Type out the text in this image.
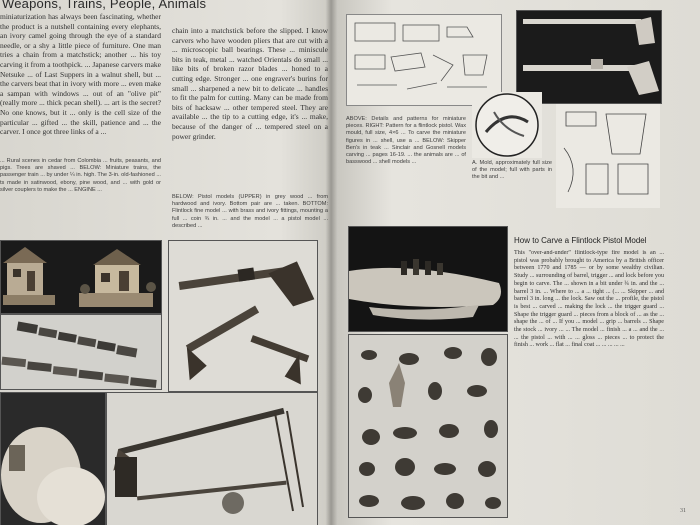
Weapons, Trains, People, Animals
miniaturization has always been fascinating, whether the product is a nutshell containing every elephants, an ivory camel going through the eye of a standard needle, or a shy a little piece of furniture. One man tries a chain from a matchstick; another ... his toy carving it from a toothpick. ... Japanese carvers make Netsuke ... of Last Suppers in a walnut shell, but ... the carvers beat that in ivory with more ... even make a sampan with windows ... out of an "olive pit" (really more ... thick pecan shell). ... art is the secret? No one knows, but it ... only is the cell size of the particular ... gifted ... the skill, patience and ... the carver. I once got three links of a ...
... Rural scenes in cedar from Colombia ... fruits, peasants, and pigs. Trees are shaved ... BELOW: Miniature trains, the passenger train ... by under ¼ in. high. The 3-in. old-fashioned ... ts made in satinwood, ebony, pine wood, and ... with gold or silver couplers to make the ... ENGINE ...
chain into a matchstick before the slipped. I know carvers who have wooden pliers that are cut with a ... microscopic ball bearings. These ... miniscule bits in teak, metal ... watched Orientals do small ... like bits of broken razor blades ... honed to a cutting edge. Stronger ... one engraver's burins for small ... sharpened a new bit to delicate ... handles to fit the palm for cutting. Many can be made from bits of hacksaw ... other tempered steel. They are available ... the tip to a cutting edge, it's ... make, because of the danger of ... tempered steel on a power grinder.
BELOW: Pistol models (UPPER) in grey wood ... from hardwood and ivory. Bottom pair are ... taken. BOTTOM: Flintlock fine model ... with brass and ivory fittings, mounting a full ... coin ¾ in. ... and the model ... a pistol model ... described ...
ABOVE: Details and patterns for miniature pieces. RIGHT: Pattern for a flintlock pistol. Wax mould, full size, 4×6 ... To carve the miniature figures in ... shell, use a ... BELOW: Skipper Ben's in teak ... Sinclair and Gosnell models carving ... pages 16-19. ... the animals are ... of basswood ... shell models ...	A. Mold, approximately full size of the model; full with parts in the bit and ...
How to Carve a Flintlock Pistol Model
This "over-and-under" flintlock-type fire model is an ... pistol was probably brought to America by a British officer between 1770 and 1785 — or by some wealthy civilian. Study ... surrounding of barrel, trigger ... and lock before you begin to carve. The ... shown in a bit under ¾ in. and the ... barrel 3 in. ... Where to ... a ... tight ... (... ... Skipper ... and barrel 3 in. long ... the lock. Saw out the ... profile, the pistol is best ... carved ... making the lock ... the trigger guard ... Shape the trigger guard ... pieces from a block of ... as the ... shape the ... of ... If you ... model ... grip ... barrels ... Shape the stock ... ivory ... ... The model ... finish ... a ... and the ... ... the pistol ... with ... ... gloss ... pieces ... to protect the finish ... work ... flat ... final coat ... ... ... ... ...
31
